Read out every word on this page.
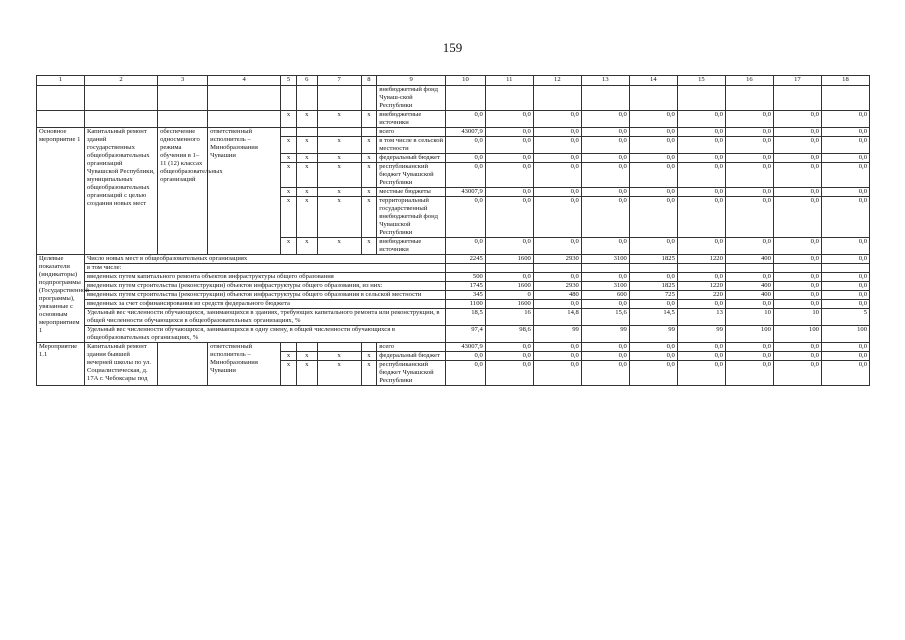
159
1	2	3	4	5	6	7	8	9	10	11	12	13	14	15	16	17	18
								внебюджетный фонд Чуваш-ской Республики									
				x	x	x	x	внебюджетные источники	0,0	0,0	0,0	0,0	0,0	0,0	0,0	0,0	0,0
Основное мероприятие 1	Капитальный ремонт зданий государственных общеобразовательных организаций Чувашской Республики, муниципальных общеобразовательных организаций с целью создания новых мест	обеспечение односменного режима обучения в 1–11 (12) классах общеобразовательных организаций	ответственный исполнитель – Минобразования Чувашии					всего	43007,9	0,0	0,0	0,0	0,0	0,0	0,0	0,0	0,0
				x	x	x	x	в том числе в сельской местности	0,0	0,0	0,0	0,0	0,0	0,0	0,0	0,0	0,0
				x	x	x	x	федеральный бюджет	0,0	0,0	0,0	0,0	0,0	0,0	0,0	0,0	0,0
				x	x	x	x	республиканский бюджет Чувашской Республики	0,0	0,0	0,0	0,0	0,0	0,0	0,0	0,0	0,0
				x	x	x	x	местные бюджеты	43007,9	0,0	0,0	0,0	0,0	0,0	0,0	0,0	0,0
				x	x	x	x	территориальный государственный внебюджетный фонд Чувашской Республики	0,0	0,0	0,0	0,0	0,0	0,0	0,0	0,0	0,0
				x	x	x	x	внебюджетные источники	0,0	0,0	0,0	0,0	0,0	0,0	0,0	0,0	0,0
Целевые показатели (индикаторы) подпрограммы (Государственной программы), увязанные с основным мероприятием 1	Число новых мест в общеобразовательных организациях								2245	1600	2930	3100	1825	1220	400	0,0	0,0
	в том числе:																
	введенных путем капитального ремонта объектов инфраструктуры общего образования								500	0,0	0,0	0,0	0,0	0,0	0,0	0,0	0,0
	введенных путем строительства (реконструкции) объектов инфраструктуры общего образования, из них:								1745	1600	2930	3100	1825	1220	400	0,0	0,0
	введенных путем строительства (реконструкции) объектов инфраструктуры общего образования в сельской местности								345	0	480	600	725	220	400	0,0	0,0
	введенных за счет софинансирования из средств федерального бюджета								1100	1600	0,0	0,0	0,0	0,0	0,0	0,0	0,0
	Удельный вес численности обучающихся, занимающихся в зданиях, требующих капитального ремонта или реконструкции, в общей численности обучающихся в общеобразовательных организациях, %								18,5	16	14,8	15,6	14,5	13	10	10	5
	Удельный вес численности обучающихся, занимающихся в одну смену, в общей численности обучающихся в общеобразовательных организациях, %								97,4	98,6	99	99	99	99	100	100	100
Мероприятие 1.1	Капитальный ремонт здания бывшей вечерней школы по ул. Социалистическая, д. 17А г. Чебоксары под		ответственный исполнитель – Минобразования Чувашии					всего	43007,9	0,0	0,0	0,0	0,0	0,0	0,0	0,0	0,0
				x	x	x	x	федеральный бюджет	0,0	0,0	0,0	0,0	0,0	0,0	0,0	0,0	0,0
				x	x	x	x	республиканский бюджет Чувашской Республики	0,0	0,0	0,0	0,0	0,0	0,0	0,0	0,0	0,0
